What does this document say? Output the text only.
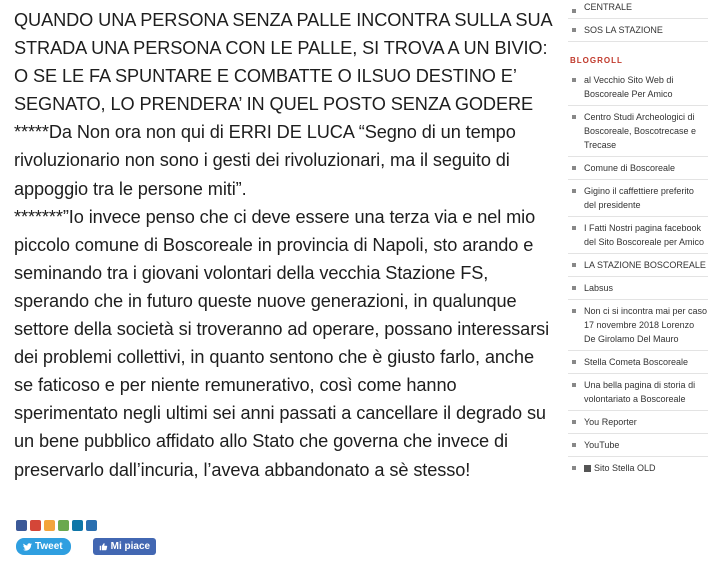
QUANDO UNA PERSONA SENZA PALLE INCONTRA SULLA SUA STRADA UNA PERSONA CON LE PALLE, SI TROVA A UN BIVIO: O SE LE FA SPUNTARE E COMBATTE O ILSUO DESTINO E’ SEGNATO, LO PRENDERA’ IN QUEL POSTO SENZA GODERE

*****Da Non ora non qui di ERRI DE LUCA “Segno di un tempo rivoluzionario non sono i gesti dei rivoluzionari, ma il seguito di appoggio tra le persone miti”.

*******”Io invece penso che ci deve essere una terza via e nel mio piccolo comune di Boscoreale in provincia di Napoli, sto arando e seminando tra i giovani volontari della vecchia Stazione FS, sperando che in futuro queste nuove generazioni, in qualunque settore della società si troveranno ad operare, possano interessarsi dei problemi collettivi, in quanto sentono che è giusto farlo, anche se faticoso e per niente remunerativo, così come hanno sperimentato negli ultimi sei anni passati a cancellare il degrado su un bene pubblico affidato allo Stato che governa che invece di preservarlo dall’incuria, l’aveva abbandonato a sè stesso!

Tweet	Mi piace
CENTRALE
SOS LA STAZIONE
BLOGROLL
al Vecchio Sito Web di Boscoreale Per Amico
Centro Studi Archeologici di Boscoreale, Boscotrecase e Trecase
Comune di Boscoreale
Gigino il caffettiere preferito del presidente
I Fatti Nostri pagina facebook del Sito Boscoreale per Amico
LA STAZIONE BOSCOREALE
Labsus
Non ci si incontra mai per caso 17 novembre 2018 Lorenzo De Girolamo Del Mauro
Stella Cometa Boscoreale
Una bella pagina di storia di volontariato a Boscoreale
You Reporter
YouTube
Sito Stella OLD
